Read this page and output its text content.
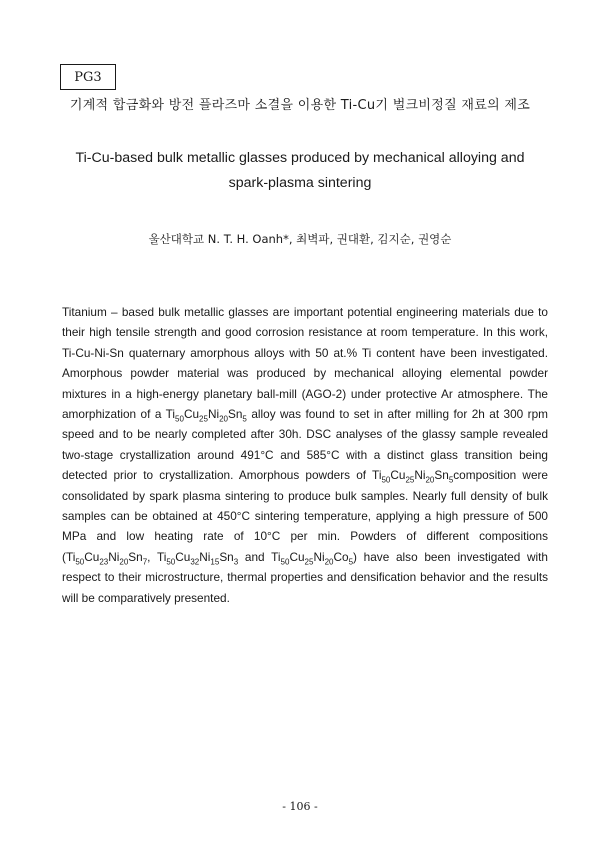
PG3
기계적 합금화와 방전 플라즈마 소결을 이용한 Ti-Cu기 벌크비정질 재료의 제조
Ti-Cu-based bulk metallic glasses produced by mechanical alloying and spark-plasma sintering
울산대학교 N. T. H. Oanh*, 최벽파, 권대환, 김지순, 권영순

Titanium – based bulk metallic glasses are important potential engineering materials due to their high tensile strength and good corrosion resistance at room temperature. In this work, Ti-Cu-Ni-Sn quaternary amorphous alloys with 50 at.% Ti content have been investigated. Amorphous powder material was produced by mechanical alloying elemental powder mixtures in a high-energy planetary ball-mill (AGO-2) under protective Ar atmosphere. The amorphization of a $Ti_{50}Cu_{25}Ni_{20}Sn_5$ alloy was found to set in after milling for 2h at 300 rpm speed and to be nearly completed after 30h. DSC analyses of the glassy sample revealed two-stage crystallization around 491°C and 585°C with a distinct glass transition being detected prior to crystallization. Amorphous powders of $Ti_{50}Cu_{25}Ni_{20}Sn_5composition$ were consolidated by spark plasma sintering to produce bulk samples. Nearly full density of bulk samples can be obtained at 450°C sintering temperature, applying a high pressure of 500 MPa and low heating rate of 10°C per min. Powders of different compositions ($Ti_{50}Cu_{23}Ni_{20}Sn_7$, $Ti_{50}Cu_{32}Ni_{15}Sn_3$ and $Ti_{50}Cu_{25}Ni_{20}Co_5$) have also been investigated with respect to their microstructure, thermal properties and densification behavior and the results will be comparatively presented.

- 106 -
